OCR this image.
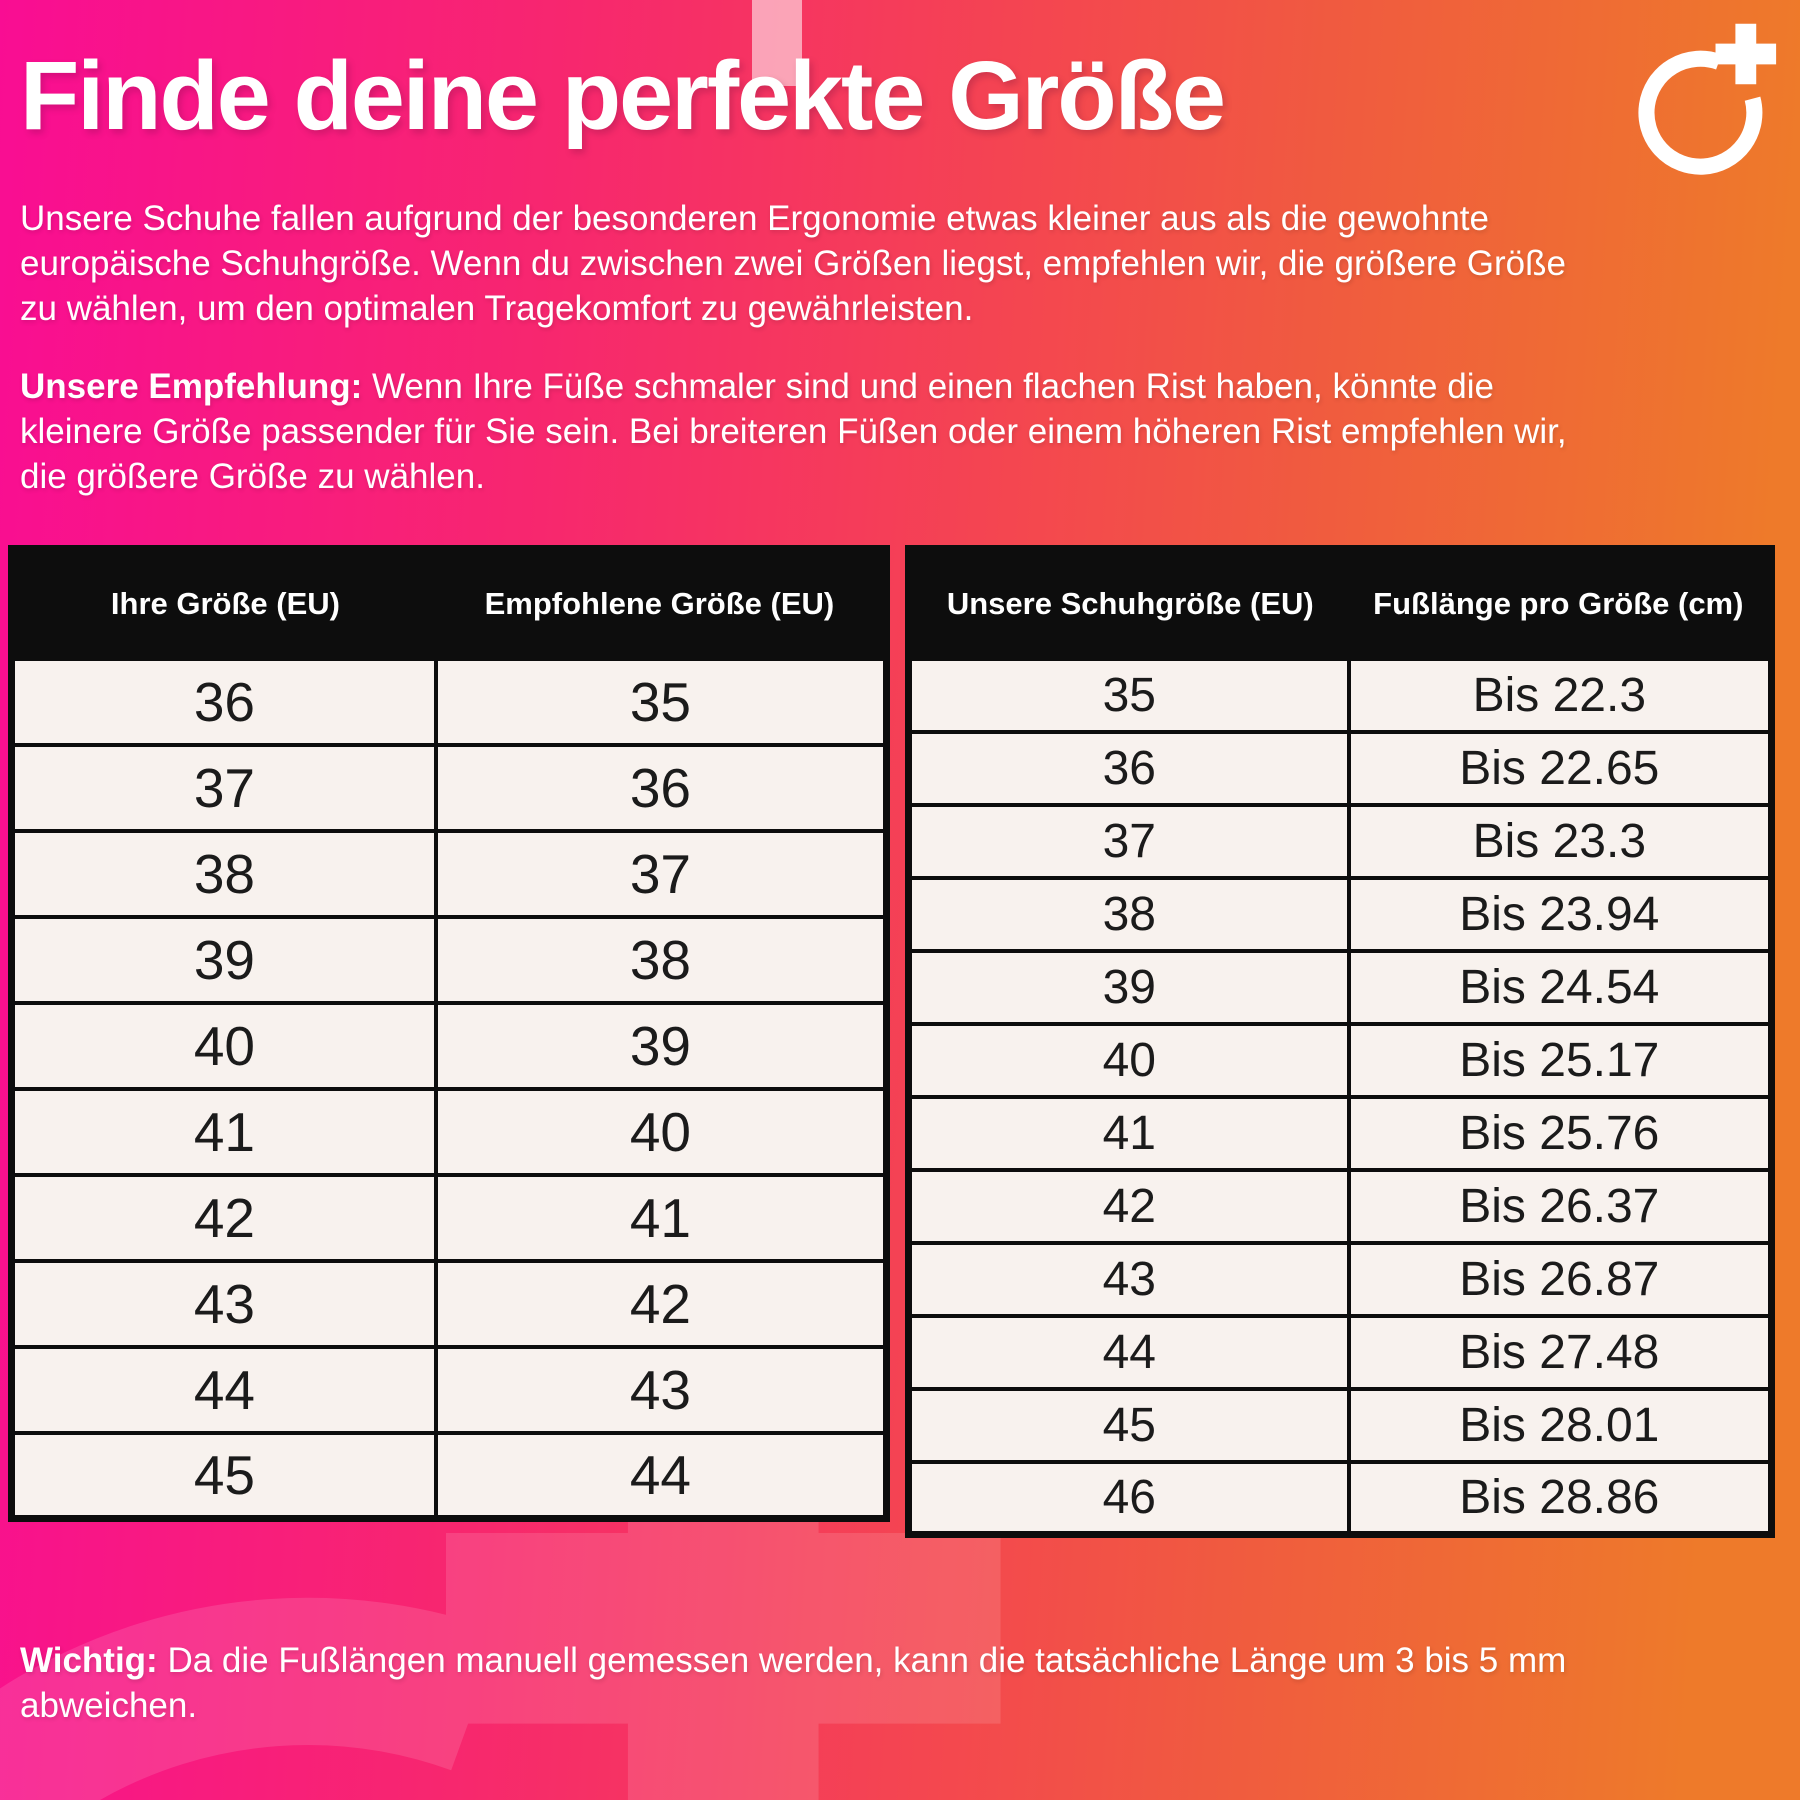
Finde deine perfekte Größe

Unsere Schuhe fallen aufgrund der besonderen Ergonomie etwas kleiner aus als die gewohnte europäische Schuhgröße. Wenn du zwischen zwei Größen liegst, empfehlen wir, die größere Größe zu wählen, um den optimalen Tragekomfort zu gewährleisten.

Unsere Empfehlung: Wenn Ihre Füße schmaler sind und einen flachen Rist haben, könnte die kleinere Größe passender für Sie sein. Bei breiteren Füßen oder einem höheren Rist empfehlen wir, die größere Größe zu wählen.

Ihre Größe (EU)	Empfohlene Größe (EU)
36	35
37	36
38	37
39	38
40	39
41	40
42	41
43	42
44	43
45	44
Unsere Schuhgröße (EU)	Fußlänge pro Größe (cm)
35	Bis 22.3
36	Bis 22.65
37	Bis 23.3
38	Bis 23.94
39	Bis 24.54
40	Bis 25.17
41	Bis 25.76
42	Bis 26.37
43	Bis 26.87
44	Bis 27.48
45	Bis 28.01
46	Bis 28.86

Wichtig: Da die Fußlängen manuell gemessen werden, kann die tatsächliche Länge um 3 bis 5 mm abweichen.
